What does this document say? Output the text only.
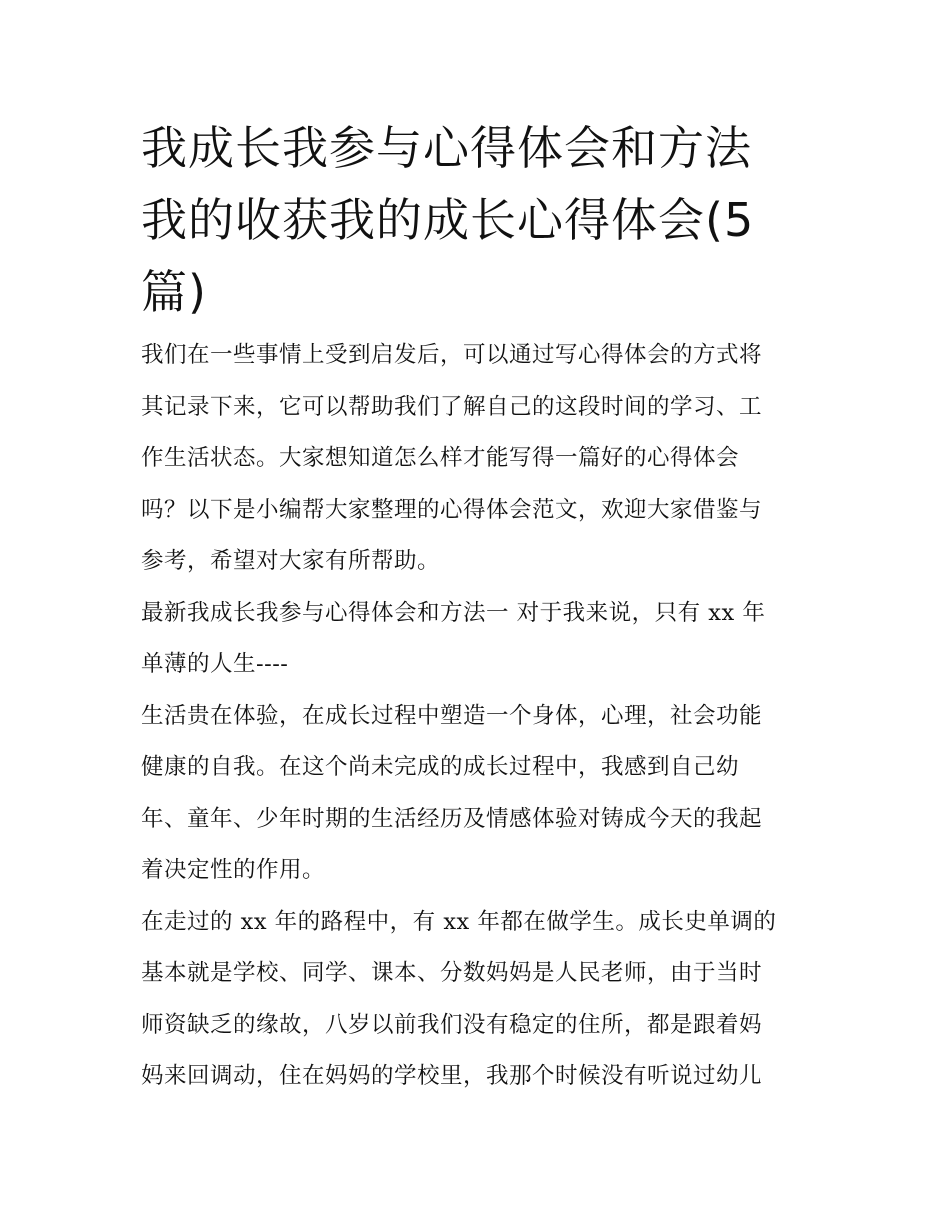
我成长我参与心得体会和方法
我的收获我的成长心得体会(5
篇)
我们在一些事情上受到启发后，可以通过写心得体会的方式将
其记录下来，它可以帮助我们了解自己的这段时间的学习、工
作生活状态。大家想知道怎么样才能写得一篇好的心得体会
吗？以下是小编帮大家整理的心得体会范文，欢迎大家借鉴与
参考，希望对大家有所帮助。
最新我成长我参与心得体会和方法一 对于我来说，只有 xx 年
单薄的人生----
生活贵在体验，在成长过程中塑造一个身体，心理，社会功能
健康的自我。在这个尚未完成的成长过程中，我感到自己幼
年、童年、少年时期的生活经历及情感体验对铸成今天的我起
着决定性的作用。
在走过的 xx 年的路程中，有 xx 年都在做学生。成长史单调的
基本就是学校、同学、课本、分数妈妈是人民老师，由于当时
师资缺乏的缘故，八岁以前我们没有稳定的住所，都是跟着妈
妈来回调动，住在妈妈的学校里，我那个时候没有听说过幼儿
